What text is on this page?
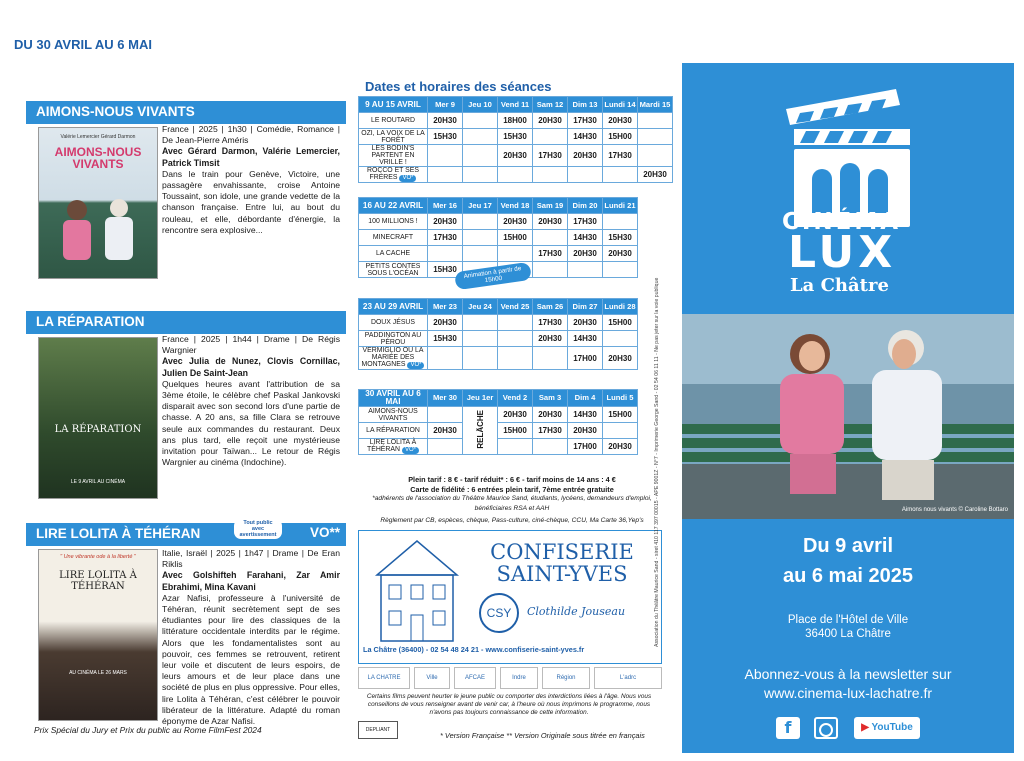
DU 30 AVRIL AU 6 MAI
AIMONS-NOUS VIVANTS
Valérie Lemercier Gérard Darmon
AIMONS-NOUS VIVANTS
France | 2025 | 1h30 | Comédie, Romance | De Jean-Pierre Améris
Avec Gérard Darmon, Valérie Lemercier, Patrick Timsit
Dans le train pour Genève, Victoire, une passagère envahissante, croise Antoine Toussaint, son idole, une grande vedette de la chanson française. Entre lui, au bout du rouleau, et elle, débordante d'énergie, la rencontre sera explosive...
LA RÉPARATION
LA RÉPARATION
LE 9 AVRIL AU CINÉMA
France | 2025 | 1h44 | Drame | De Régis Wargnier
Avec Julia de Nunez, Clovis Cornillac, Julien De Saint-Jean
Quelques heures avant l'attribution de sa 3ème étoile, le célèbre chef Paskal Jankovski disparait avec son second lors d'une partie de chasse. A 20 ans, sa fille Clara se retrouve seule aux commandes du restaurant. Deux ans plus tard, elle reçoit une mystérieuse invitation pour Taïwan... Le retour de Régis Wargnier au cinéma (Indochine).
LIRE LOLITA À TÉHÉRAN
Tout public avec avertissement	VO**
" Une vibrante ode à la liberté "
LIRE LOLITA À TÉHÉRAN
AU CINÉMA LE 26 MARS
Italie, Israël | 2025 | 1h47 | Drame | De Eran Riklis
Avec Golshifteh Farahani, Zar Amir Ebrahimi, Mina Kavani
Azar Nafisi, professeure à l'université de Téhéran, réunit secrètement sept de ses étudiantes pour lire des classiques de la littérature occidentale interdits par le régime. Alors que les fondamentalistes sont au pouvoir, ces femmes se retrouvent, retirent leur voile et discutent de leurs espoirs, de leurs amours et de leur place dans une société de plus en plus oppressive. Pour elles, lire Lolita à Téhéran, c'est célébrer le pouvoir libérateur de la littérature. Adapté du roman éponyme de Azar Nafisi.
Prix Spécial du Jury et Prix du public au Rome FilmFest 2024
Dates et horaires des séances
9 AU 15 AVRIL	Mer 9	Jeu 10	Vend 11	Sam 12	Dim 13	Lundi 14	Mardi 15
LE ROUTARD	20H30		18H00	20H30	17H30	20H30	
OZI, LA VOIX DE LA FORÊT	15H30		15H30		14H30	15H00	
LES BODIN'S PARTENT EN VRILLE !			20H30	17H30	20H30	17H30	
ROCCO ET SES FRÈRES VO*							20H30
16 AU 22 AVRIL	Mer 16	Jeu 17	Vend 18	Sam 19	Dim 20	Lundi 21
100 MILLIONS !	20H30		20H30	20H30	17H30	
MINECRAFT	17H30		15H00		14H30	15H30
LA CACHE				17H30	20H30	20H30
PETITS CONTES SOUS L'OCÉAN	15H30					
23 AU 29 AVRIL	Mer 23	Jeu 24	Vend 25	Sam 26	Dim 27	Lundi 28
DOUX JÉSUS	20H30			17H30	20H30	15H00
PADDINGTON AU PÉROU	15H30			20H30	14H30	
VERMIGLIO OU LA MARIÉE DES MONTAGNES VO*					17H00	20H30
30 AVRIL AU 6 MAI	Mer 30	Jeu 1er	Vend 2	Sam 3	Dim 4	Lundi 5
AIMONS-NOUS VIVANTS		RELÂCHE	20H30	20H30	14H30	15H00
LA RÉPARATION	20H30		15H00	17H30	20H30	
LIRE LOLITA À TÉHÉRAN VO*					17H00	20H30
Animation à partir de 15h00
Plein tarif : 8 € - tarif réduit* : 6 € - tarif moins de 14 ans : 4 €
Carte de fidélité : 6 entrées plein tarif, 7ème entrée gratuite
*adhérents de l'association du Théâtre Maurice Sand, étudiants, lycéens, demandeurs d'emploi, bénéficiaires RSA et AAH
Règlement par CB, espèces, chèque, Pass-culture, ciné-chèque, CCU, Ma Carte 36,Yep's
CONFISERIE
SAINT-YVES
CSY	Clothilde Jouseau
La Châtre (36400) - 02 54 48 24 21 - www.confiserie-saint-yves.fr
LA CHATRE	Ville	AFCAE	Indre	Région	L'adrc
Certains films peuvent heurter le jeune public ou comporter des interdictions liées à l'âge. Nous vous conseillons de vous renseigner avant de venir car, à l'heure où nous imprimons le programme, nous n'avons pas toujours connaissance de cette information.
DEPLIANT
* Version Française ** Version Originale sous titrée en français
Association du Théâtre Maurice Sand - siret 410 117 397 00015 - APE 9001Z - N°7 - Imprimerie George Sand - 02 54 06 11 11 - Ne pas jeter sur la voie publique
CINÉMA
LUX
La Châtre
Aimons nous vivants © Caroline Bottaro
Du 9 avril
au 6 mai 2025
Place de l'Hôtel de Ville
36400 La Châtre
Abonnez-vous à la newsletter sur
www.cinema-lux-lachatre.fr
f	▶ YouTube
